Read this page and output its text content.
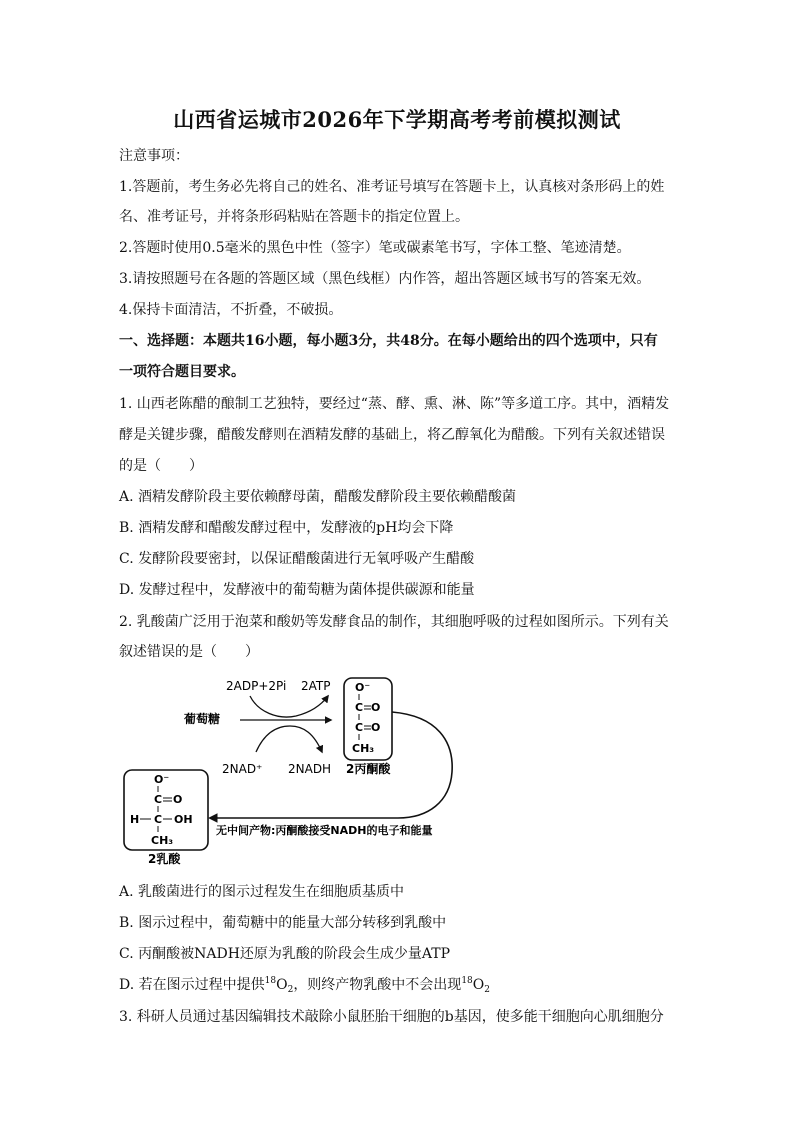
山西省运城市2026年下学期高考考前模拟测试
注意事项：
1.答题前，考生务必先将自己的姓名、准考证号填写在答题卡上，认真核对条形码上的姓
名、准考证号，并将条形码粘贴在答题卡的指定位置上。
2.答题时使用0.5毫米的黑色中性（签字）笔或碳素笔书写，字体工整、笔迹清楚。
3.请按照题号在各题的答题区域（黑色线框）内作答，超出答题区域书写的答案无效。
4.保持卡面清洁，不折叠，不破损。
一、选择题：本题共16小题，每小题3分，共48分。在每小题给出的四个选项中，只有
一项符合题目要求。
1. 山西老陈醋的酿制工艺独特，要经过“蒸、酵、熏、淋、陈”等多道工序。其中，酒精发
酵是关键步骤，醋酸发酵则在酒精发酵的基础上，将乙醇氧化为醋酸。下列有关叙述错误
的是（　　）
A. 酒精发酵阶段主要依赖酵母菌，醋酸发酵阶段主要依赖醋酸菌
B. 酒精发酵和醋酸发酵过程中，发酵液的pH均会下降
C. 发酵阶段要密封，以保证醋酸菌进行无氧呼吸产生醋酸
D. 发酵过程中，发酵液中的葡萄糖为菌体提供碳源和能量
2. 乳酸菌广泛用于泡菜和酸奶等发酵食品的制作，其细胞呼吸的过程如图所示。下列有关
叙述错误的是（　　）
2ADP+2Pi 2ATP
葡萄糖
2NAD⁺ 2NADH
O⁻
C O
C O
CH₃
2丙酮酸
O⁻
C O
H C OH
CH₃
2乳酸
无中间产物:丙酮酸接受NADH的电子和能量
A. 乳酸菌进行的图示过程发生在细胞质基质中
B. 图示过程中，葡萄糖中的能量大部分转移到乳酸中
C. 丙酮酸被NADH还原为乳酸的阶段会生成少量ATP
D. 若在图示过程中提供$^{18}O_2$，则终产物乳酸中不会出现$^{18}O_2$
3. 科研人员通过基因编辑技术敲除小鼠胚胎干细胞的b基因，使多能干细胞向心肌细胞分
